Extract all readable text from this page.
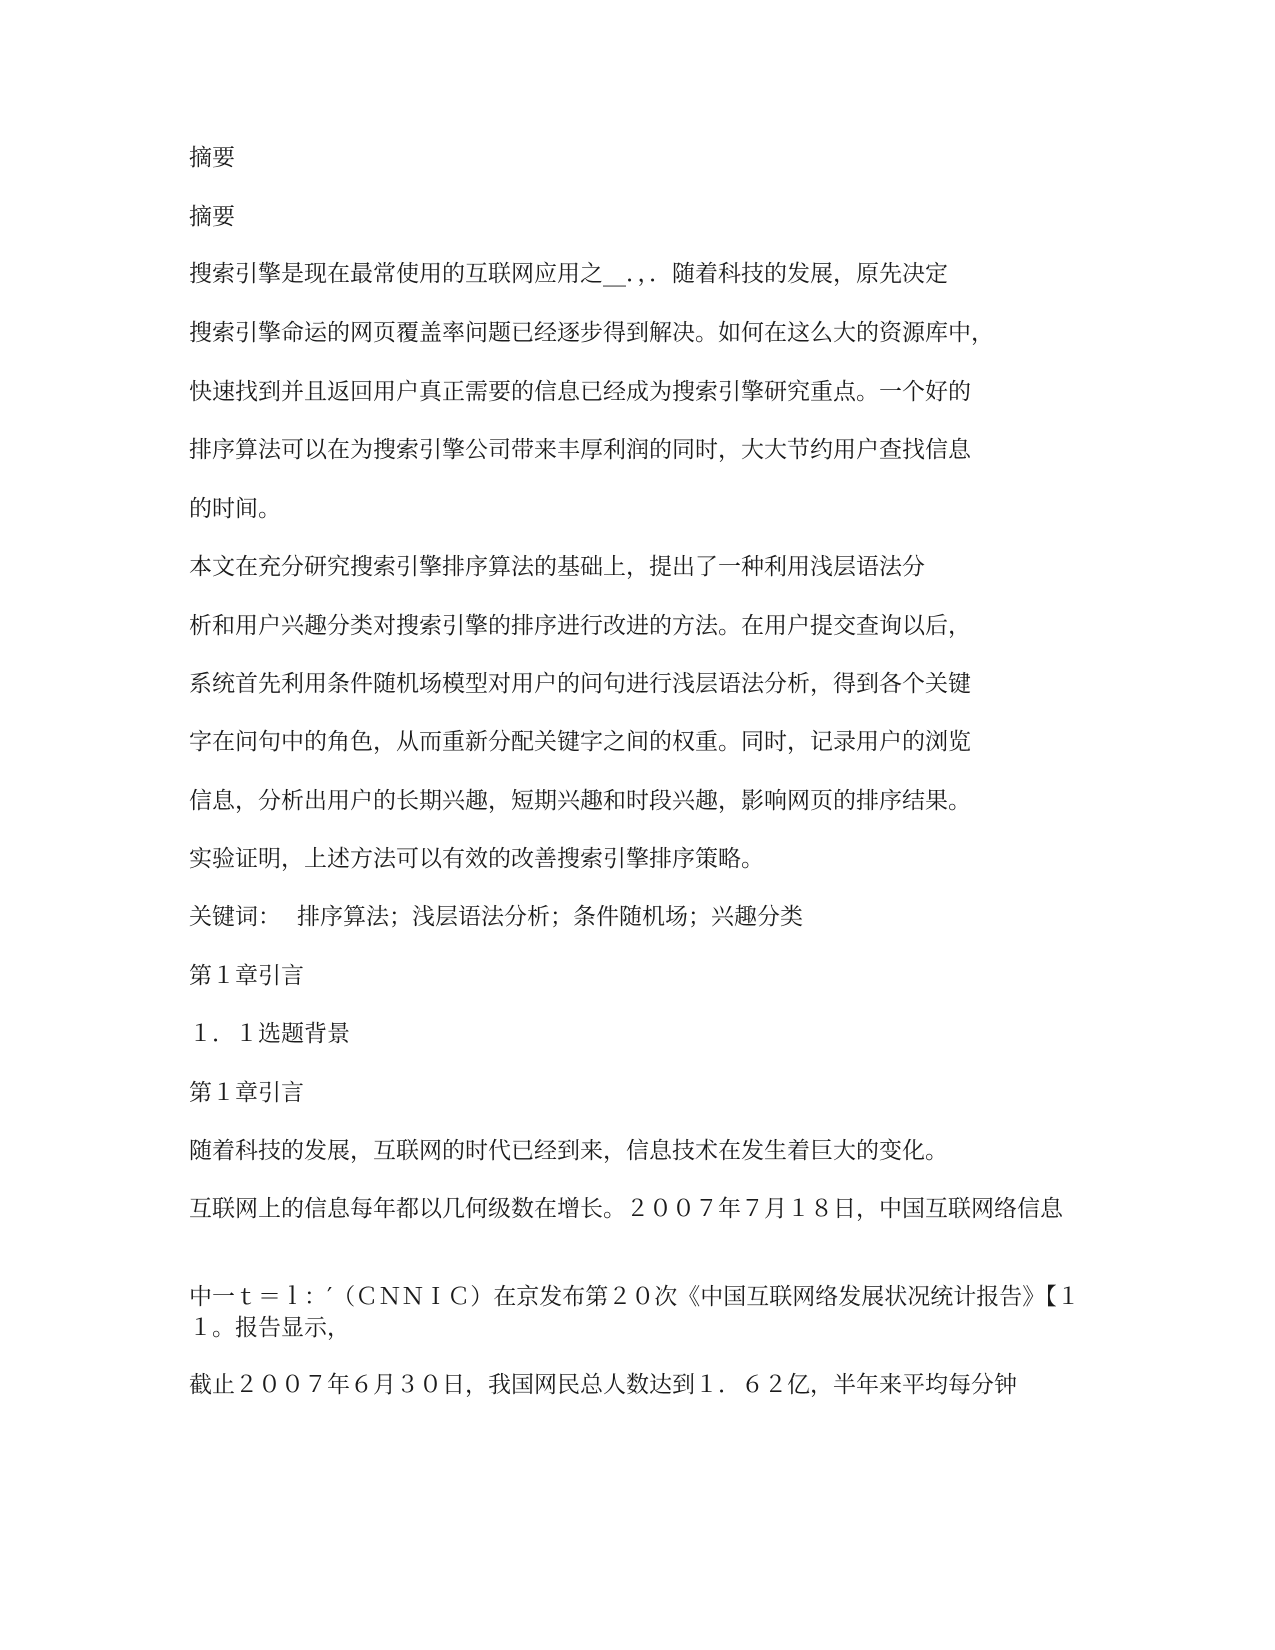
摘要
摘要
搜索引擎是现在最常使用的互联网应用之__．，．随着科技的发展，原先决定
搜索引擎命运的网页覆盖率问题已经逐步得到解决。如何在这么大的资源库中，
快速找到并且返回用户真正需要的信息已经成为搜索引擎研究重点。一个好的
排序算法可以在为搜索引擎公司带来丰厚利润的同时，大大节约用户查找信息
的时间。
本文在充分研究搜索引擎排序算法的基础上，提出了一种利用浅层语法分
析和用户兴趣分类对搜索引擎的排序进行改进的方法。在用户提交查询以后，
系统首先利用条件随机场模型对用户的问句进行浅层语法分析，得到各个关键
字在问句中的角色，从而重新分配关键字之间的权重。同时，记录用户的浏览
信息，分析出用户的长期兴趣，短期兴趣和时段兴趣，影响网页的排序结果。
实验证明，上述方法可以有效的改善搜索引擎排序策略。
关键词： 排序算法；浅层语法分析；条件随机场；兴趣分类
第１章引言
１．１选题背景
第１章引言
随着科技的发展，互联网的时代已经到来，信息技术在发生着巨大的变化。
互联网上的信息每年都以几何级数在增长。２００７年７月１８日，中国互联网络信息
中一ｔ＝ｌ：′（ＣＮＮＩＣ）在京发布第２０次《中国互联网络发展状况统计报告》【１１。报告显示，
截止２００７年６月３０日，我国网民总人数达到１．６２亿，半年来平均每分钟
